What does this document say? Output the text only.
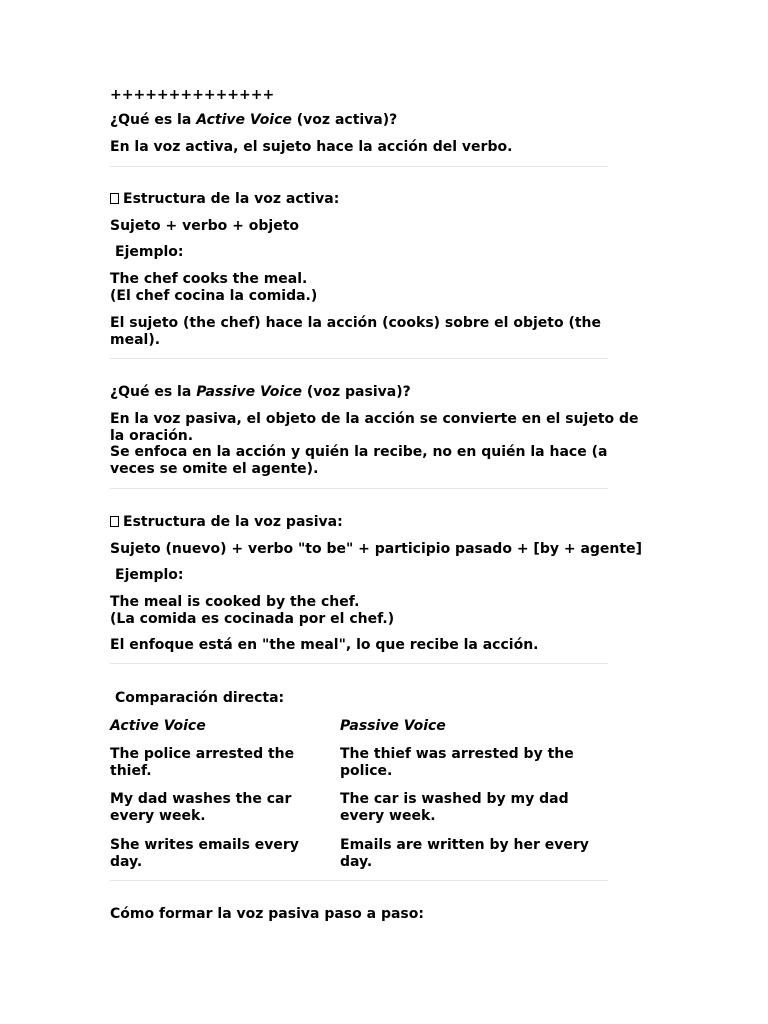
++++++++++++++
¿Qué es la Active Voice (voz activa)?
En la voz activa, el sujeto hace la acción del verbo.
Estructura de la voz activa:
Sujeto + verbo + objeto
Ejemplo:
The chef cooks the meal.
(El chef cocina la comida.)
El sujeto (the chef) hace la acción (cooks) sobre el objeto (the meal).
¿Qué es la Passive Voice (voz pasiva)?
En la voz pasiva, el objeto de la acción se convierte en el sujeto de la oración.
Se enfoca en la acción y quién la recibe, no en quién la hace (a veces se omite el agente).
Estructura de la voz pasiva:
Sujeto (nuevo) + verbo "to be" + participio pasado + [by + agente]
Ejemplo:
The meal is cooked by the chef.
(La comida es cocinada por el chef.)
El enfoque está en "the meal", lo que recibe la acción.
Comparación directa:
Active Voice	Passive Voice
The police arrested the thief.
The thief was arrested by the police.
My dad washes the car every week.
The car is washed by my dad every week.
She writes emails every day.
Emails are written by her every day.
Cómo formar la voz pasiva paso a paso:
